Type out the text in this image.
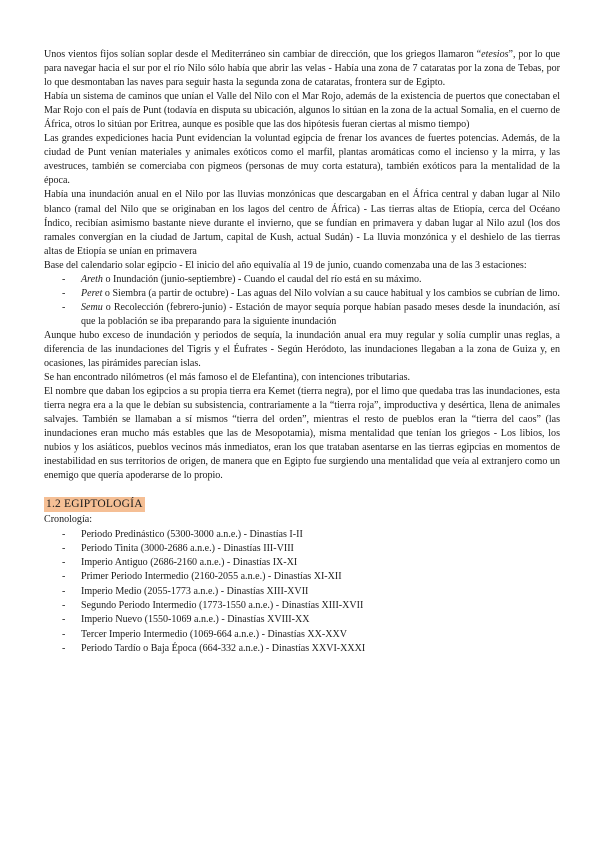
Unos vientos fijos solían soplar desde el Mediterráneo sin cambiar de dirección, que los griegos llamaron “etesios”, por lo que para navegar hacia el sur por el río Nilo sólo había que abrir las velas - Había una zona de 7 cataratas por la zona de Tebas, por lo que desmontaban las naves para seguir hasta la segunda zona de cataratas, frontera sur de Egipto.

Había un sistema de caminos que unían el Valle del Nilo con el Mar Rojo, además de la existencia de puertos que conectaban el Mar Rojo con el país de Punt (todavía en disputa su ubicación, algunos lo sitúan en la zona de la actual Somalia, en el cuerno de África, otros lo sitúan por Eritrea, aunque es posible que las dos hipótesis fueran ciertas al mismo tiempo)

Las grandes expediciones hacia Punt evidencian la voluntad egipcia de frenar los avances de fuertes potencias. Además, de la ciudad de Punt venían materiales y animales exóticos como el marfil, plantas aromáticas como el incienso y la mirra, y las avestruces, también se comerciaba con pigmeos (personas de muy corta estatura), también exóticos para la mentalidad de la época.

Había una inundación anual en el Nilo por las lluvias monzónicas que descargaban en el África central y daban lugar al Nilo blanco (ramal del Nilo que se originaban en los lagos del centro de África) - Las tierras altas de Etiopía, cerca del Océano Índico, recibían asimismo bastante nieve durante el invierno, que se fundían en primavera y daban lugar al Nilo azul (los dos ramales convergían en la ciudad de Jartum, capital de Kush, actual Sudán) - La lluvia monzónica y el deshielo de las tierras altas de Etiopía se unían en primavera

Base del calendario solar egipcio - El inicio del año equivalía al 19 de junio, cuando comenzaba una de las 3 estaciones:

- Areth o Inundación (junio-septiembre) - Cuando el caudal del río está en su máximo.
- Peret o Siembra (a partir de octubre) - Las aguas del Nilo volvían a su cauce habitual y los cambios se cubrían de limo.
- Semu o Recolección (febrero-junio) - Estación de mayor sequía porque habían pasado meses desde la inundación, así que la población se iba preparando para la siguiente inundación

Aunque hubo exceso de inundación y periodos de sequía, la inundación anual era muy regular y solía cumplir unas reglas, a diferencia de las inundaciones del Tigris y el Éufrates - Según Heródoto, las inundaciones llegaban a la zona de Guiza y, en ocasiones, las pirámides parecían islas.

Se han encontrado nilómetros (el más famoso el de Elefantina), con intenciones tributarias.

El nombre que daban los egipcios a su propia tierra era Kemet (tierra negra), por el limo que quedaba tras las inundaciones, esta tierra negra era a la que le debían su subsistencia, contrariamente a la “tierra roja”, improductiva y desértica, llena de animales salvajes. También se llamaban a sí mismos “tierra del orden”, mientras el resto de pueblos eran la “tierra del caos” (las inundaciones eran mucho más estables que las de Mesopotamia), misma mentalidad que tenían los griegos - Los libios, los nubios y los asiáticos, pueblos vecinos más inmediatos, eran los que trataban asentarse en las tierras egipcias en momentos de inestabilidad en sus territorios de origen, de manera que en Egipto fue surgiendo una mentalidad que veía al extranjero como un enemigo que quería apoderarse de lo propio.

1.2 EGIPTOLOGÍA

Cronología:

- Periodo Predinástico (5300-3000 a.n.e.) - Dinastías I-II
- Periodo Tinita (3000-2686 a.n.e.) - Dinastías III-VIII
- Imperio Antiguo (2686-2160 a.n.e.) - Dinastías IX-XI
- Primer Periodo Intermedio (2160-2055 a.n.e.) - Dinastías XI-XII
- Imperio Medio (2055-1773 a.n.e.) - Dinastías XIII-XVII
- Segundo Periodo Intermedio (1773-1550 a.n.e.) - Dinastías XIII-XVII
- Imperio Nuevo (1550-1069 a.n.e.) - Dinastías XVIII-XX
- Tercer Imperio Intermedio (1069-664 a.n.e.) - Dinastías XX-XXV
- Periodo Tardío o Baja Época (664-332 a.n.e.) - Dinastías XXVI-XXXI
